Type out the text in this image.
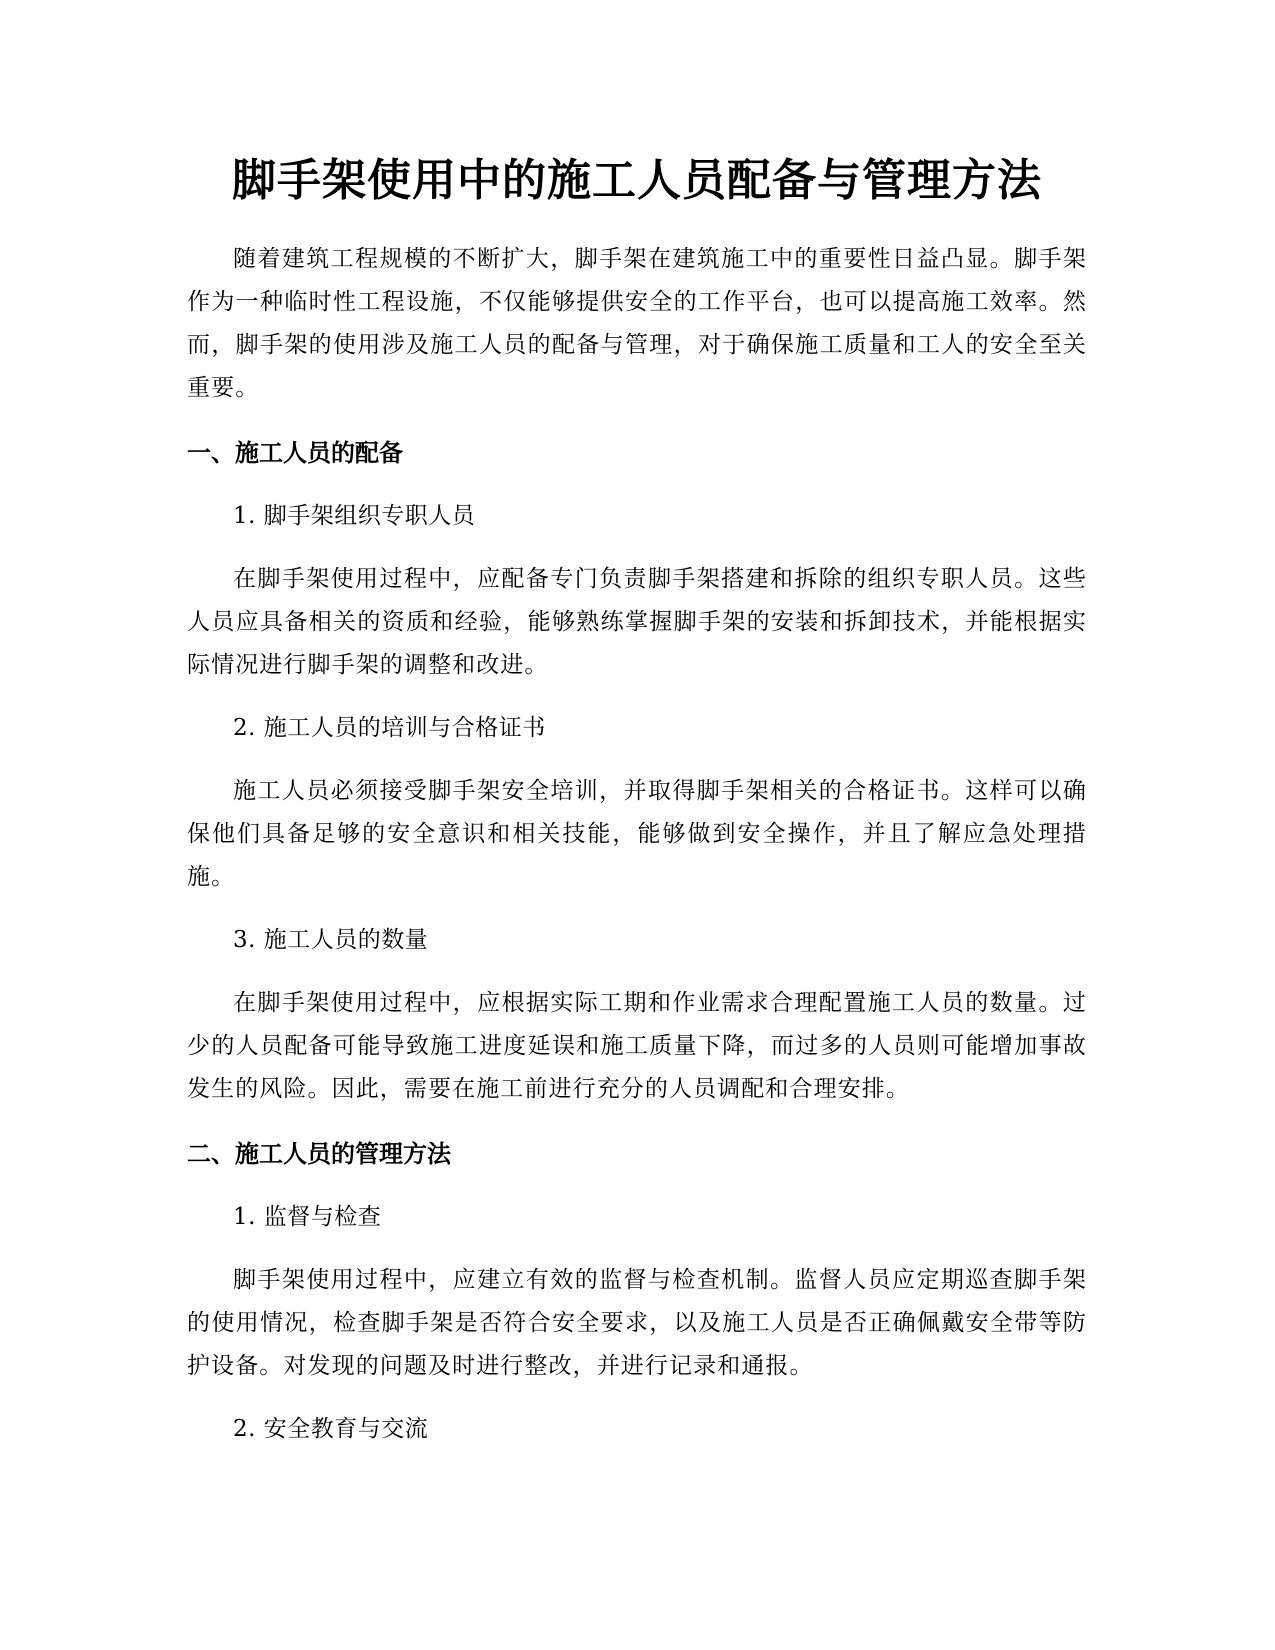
脚手架使用中的施工人员配备与管理方法

随着建筑工程规模的不断扩大，脚手架在建筑施工中的重要性日益凸显。脚手架作为一种临时性工程设施，不仅能够提供安全的工作平台，也可以提高施工效率。然而，脚手架的使用涉及施工人员的配备与管理，对于确保施工质量和工人的安全至关重要。

一、施工人员的配备

1. 脚手架组织专职人员

在脚手架使用过程中，应配备专门负责脚手架搭建和拆除的组织专职人员。这些人员应具备相关的资质和经验，能够熟练掌握脚手架的安装和拆卸技术，并能根据实际情况进行脚手架的调整和改进。

2. 施工人员的培训与合格证书

施工人员必须接受脚手架安全培训，并取得脚手架相关的合格证书。这样可以确保他们具备足够的安全意识和相关技能，能够做到安全操作，并且了解应急处理措施。

3. 施工人员的数量

在脚手架使用过程中，应根据实际工期和作业需求合理配置施工人员的数量。过少的人员配备可能导致施工进度延误和施工质量下降，而过多的人员则可能增加事故发生的风险。因此，需要在施工前进行充分的人员调配和合理安排。

二、施工人员的管理方法

1. 监督与检查

脚手架使用过程中，应建立有效的监督与检查机制。监督人员应定期巡查脚手架的使用情况，检查脚手架是否符合安全要求，以及施工人员是否正确佩戴安全带等防护设备。对发现的问题及时进行整改，并进行记录和通报。

2. 安全教育与交流
